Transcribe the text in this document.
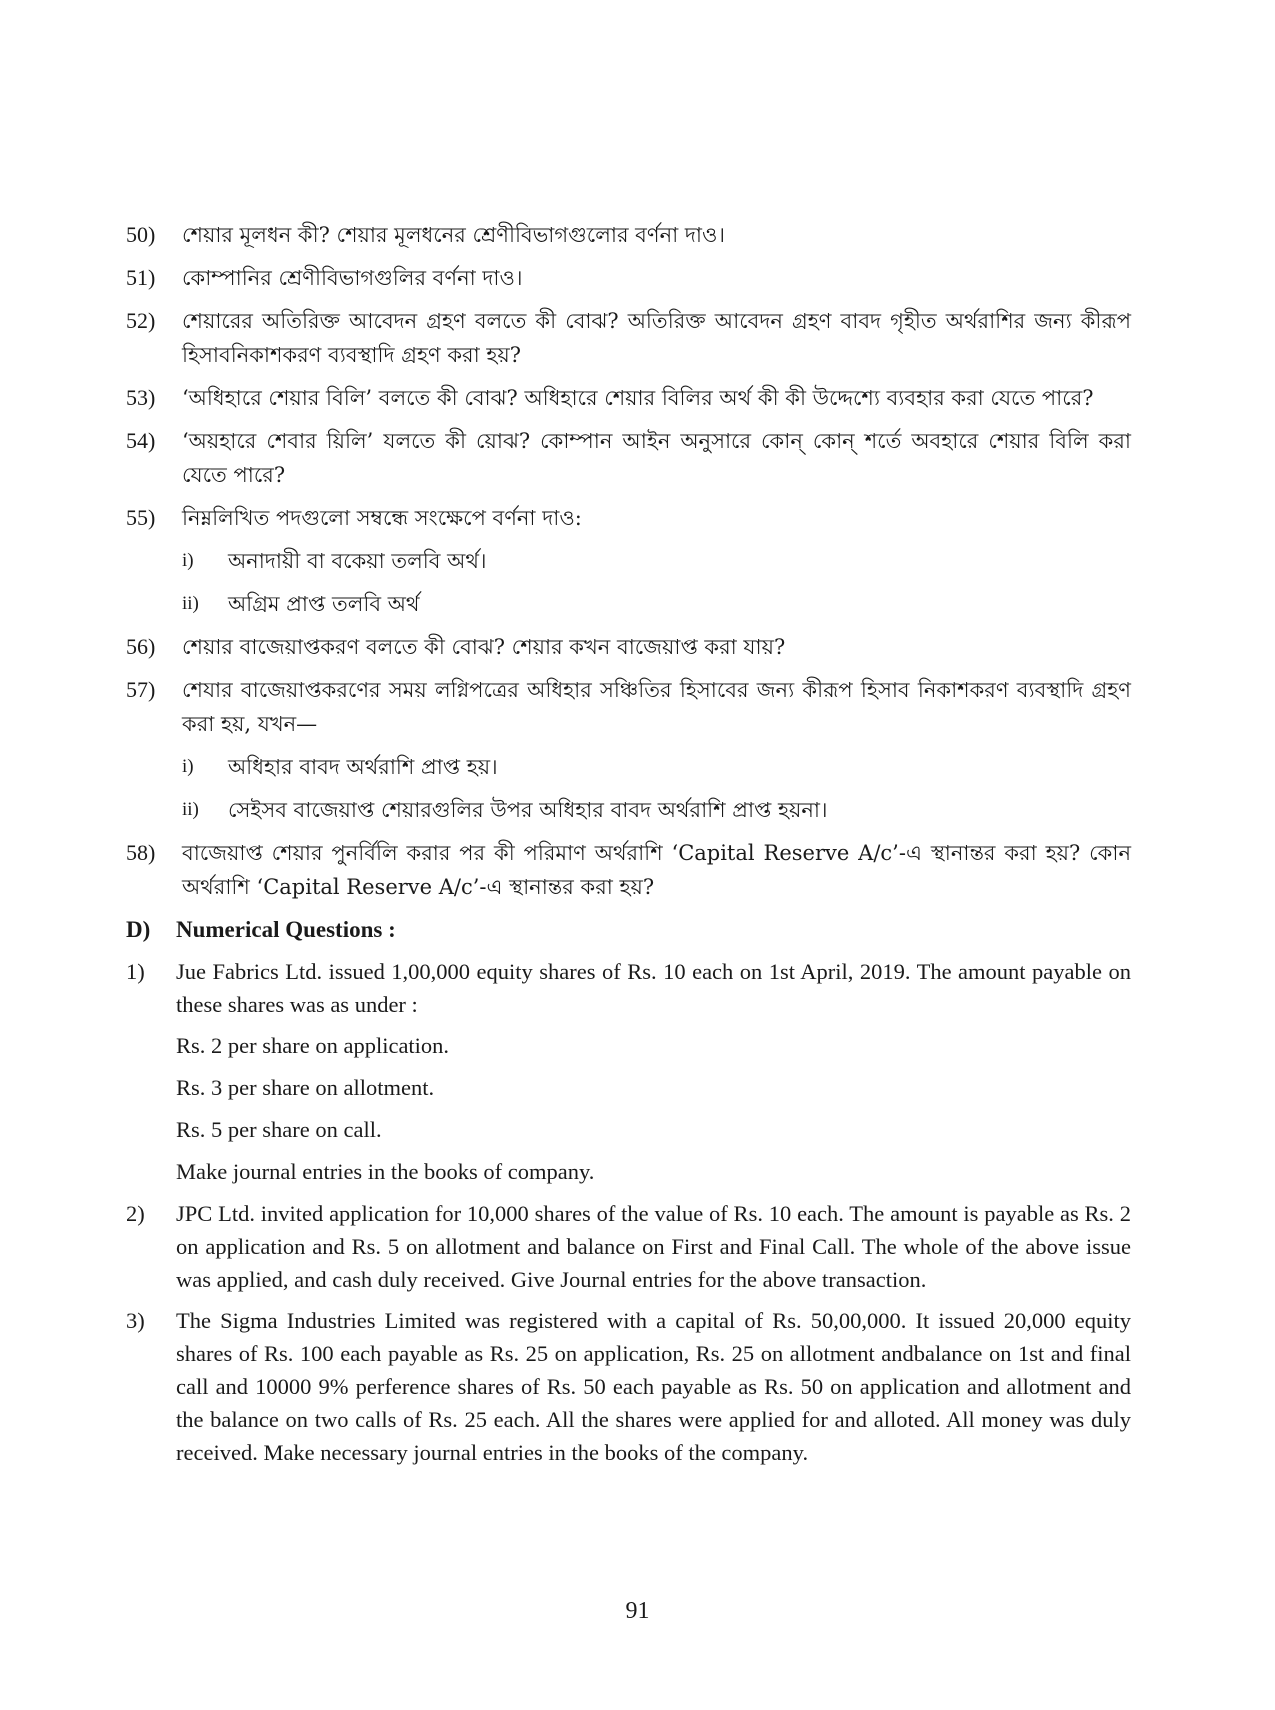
50)	শেয়ার মূলধন কী? শেয়ার মূলধনের শ্রেণীবিভাগগুলোর বর্ণনা দাও।
51)	কোম্পানির শ্রেণীবিভাগগুলির বর্ণনা দাও।
52)	শেয়ারের অতিরিক্ত আবেদন গ্রহণ বলতে কী বোঝ? অতিরিক্ত আবেদন গ্রহণ বাবদ গৃহীত অর্থরাশির জন্য কীরূপ হিসাবনিকাশকরণ ব্যবস্থাদি গ্রহণ করা হয়?
53)	‘অধিহারে শেয়ার বিলি’ বলতে কী বোঝ? অধিহারে শেয়ার বিলির অর্থ কী কী উদ্দেশ্যে ব্যবহার করা যেতে পারে?
54)	‘অয়হারে শেবার য়িলি’ যলতে কী য়োঝ? কোম্পান আইন অনুসারে কোন্ কোন্ শর্তে অবহারে শেয়ার বিলি করা যেতে পারে?
55)	নিম্নলিখিত পদগুলো সম্বন্ধে সংক্ষেপে বর্ণনা দাও:
i)	অনাদায়ী বা বকেয়া তলবি অর্থ।
ii)	অগ্রিম প্রাপ্ত তলবি অর্থ
56)	শেয়ার বাজেয়াপ্তকরণ বলতে কী বোঝ? শেয়ার কখন বাজেয়াপ্ত করা যায়?
57)	শেযার বাজেয়াপ্তকরণের সময় লগ্নিপত্রের অধিহার সঞ্চিতির হিসাবের জন্য কীরূপ হিসাব নিকাশকরণ ব্যবস্থাদি গ্রহণ করা হয়, যখন—
i)	অধিহার বাবদ অর্থরাশি প্রাপ্ত হয়।
ii)	সেইসব বাজেয়াপ্ত শেয়ারগুলির উপর অধিহার বাবদ অর্থরাশি প্রাপ্ত হয়না।
58)	বাজেয়াপ্ত শেয়ার পুনর্বিলি করার পর কী পরিমাণ অর্থরাশি ‘Capital Reserve A/c’-এ স্থানান্তর করা হয়? কোন অর্থরাশি ‘Capital Reserve A/c’-এ স্থানান্তর করা হয়?
D)	Numerical Questions :
1)	Jue Fabrics Ltd. issued 1,00,000 equity shares of Rs. 10 each on 1st April, 2019. The amount payable on these shares was as under :
Rs. 2 per share on application.
Rs. 3 per share on allotment.
Rs. 5 per share on call.
Make journal entries in the books of company.
2)	JPC Ltd. invited application for 10,000 shares of the value of Rs. 10 each. The amount is payable as Rs. 2 on application and Rs. 5 on allotment and balance on First and Final Call. The whole of the above issue was applied, and cash duly received. Give Journal entries for the above transaction.
3)	The Sigma Industries Limited was registered with a capital of Rs. 50,00,000. It issued 20,000 equity shares of Rs. 100 each payable as Rs. 25 on application, Rs. 25 on allotment andbalance on 1st and final call and 10000 9% perference shares of Rs. 50 each payable as Rs. 50 on application and allotment and the balance on two calls of Rs. 25 each. All the shares were applied for and alloted. All money was duly received. Make necessary journal entries in the books of the company.
91
